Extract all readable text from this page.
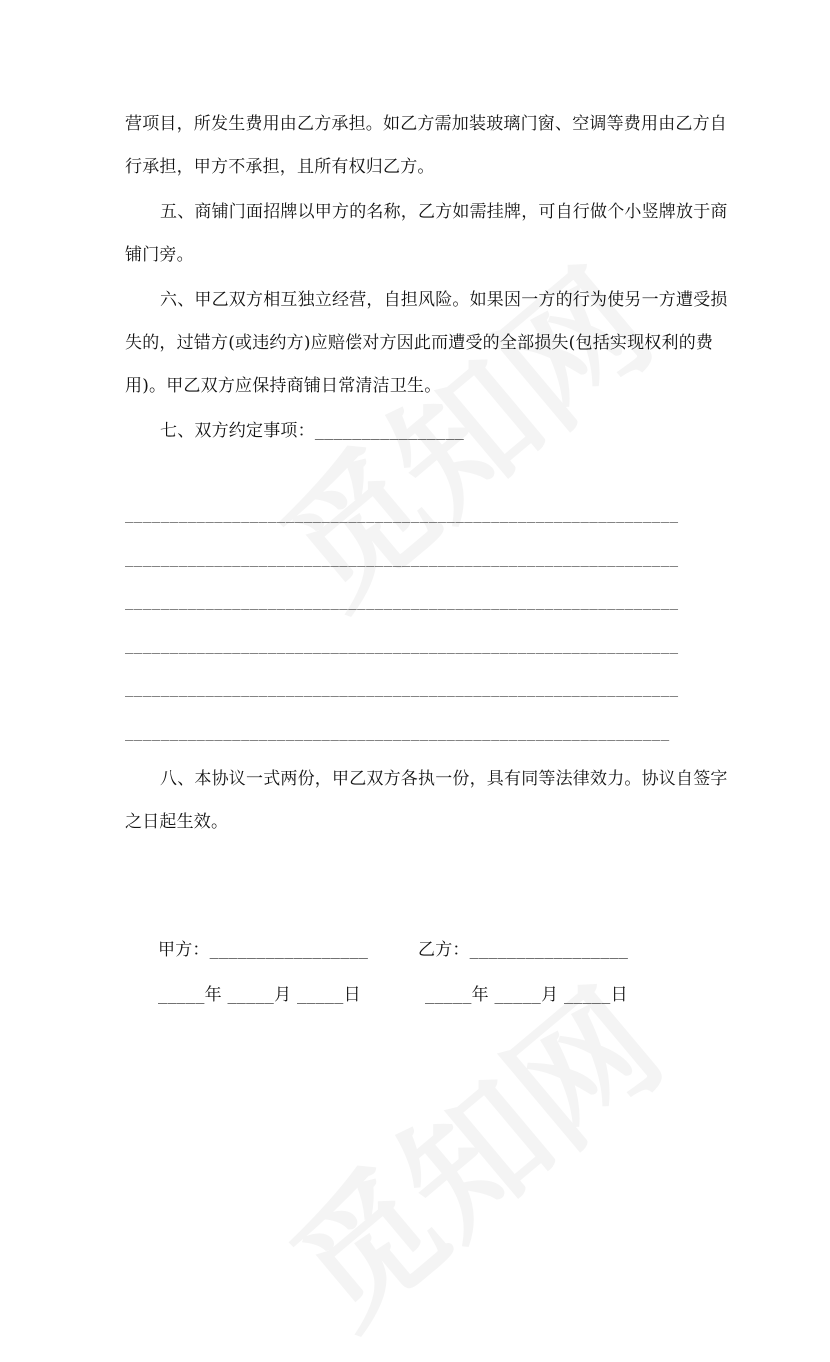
营项目，所发生费用由乙方承担。如乙方需加装玻璃门窗、空调等费用由乙方自
行承担，甲方不承担，且所有权归乙方。
五、商铺门面招牌以甲方的名称，乙方如需挂牌，可自行做个小竖牌放于商
铺门旁。
六、甲乙双方相互独立经营，自担风险。如果因一方的行为使另一方遭受损
失的，过错方(或违约方)应赔偿对方因此而遭受的全部损失(包括实现权利的费
用)。甲乙双方应保持商铺日常清洁卫生。
七、双方约定事项：________________
______________________________________________________________
______________________________________________________________
______________________________________________________________
______________________________________________________________
______________________________________________________________
_____________________________________________________________
八、本协议一式两份，甲乙双方各执一份，具有同等法律效力。协议自签字
之日起生效。
甲方：_________________	乙方：_________________
_____年 _____月 _____日	_____年 _____月 _____日
